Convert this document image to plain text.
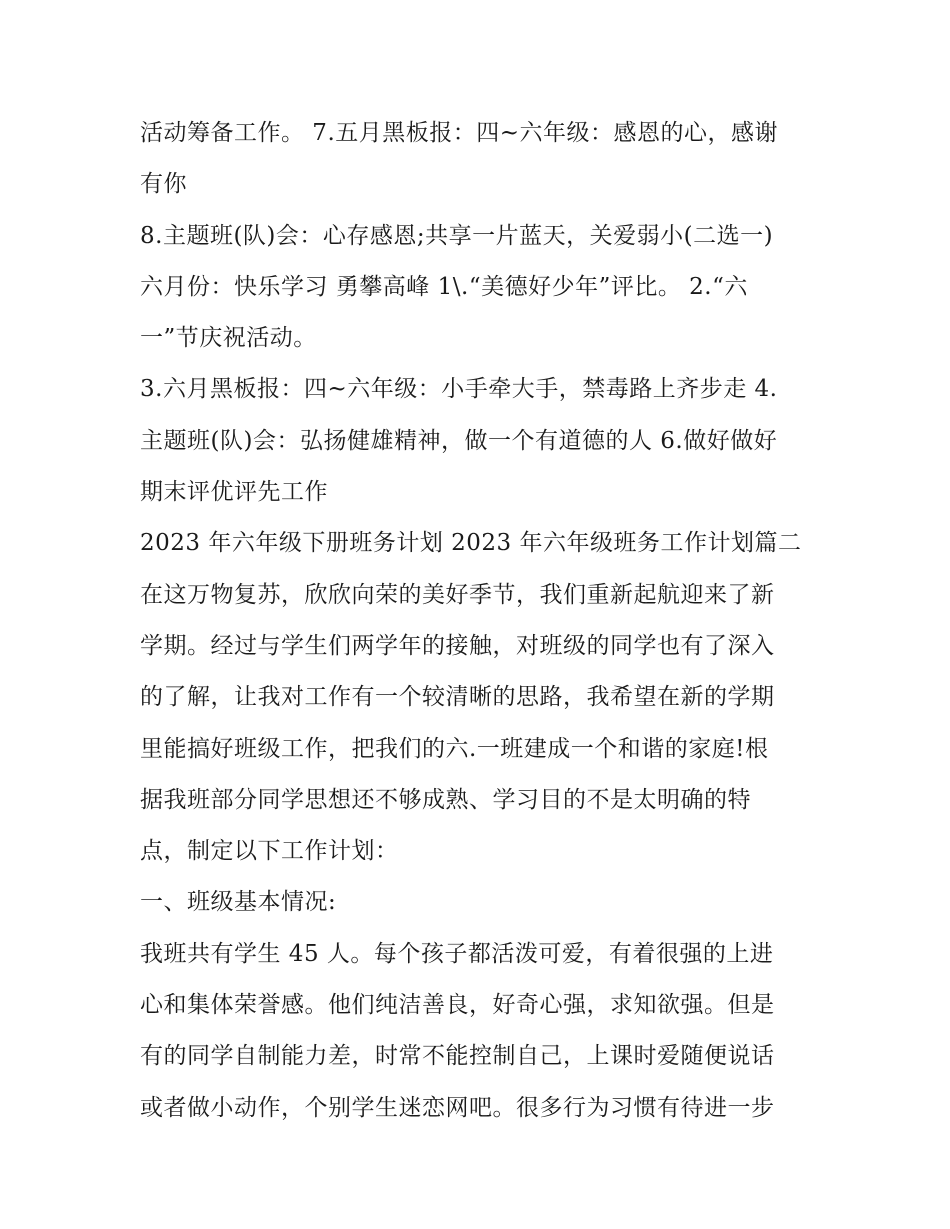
活动筹备工作。 7.五月黑板报：四~六年级：感恩的心，感谢
有你
8.主题班(队)会：心存感恩;共享一片蓝天，关爱弱小(二选一)
六月份：快乐学习 勇攀高峰 1\.“美德好少年”评比。 2.“六
一”节庆祝活动。
3.六月黑板报：四~六年级：小手牵大手，禁毒路上齐步走 4.
主题班(队)会：弘扬健雄精神，做一个有道德的人 6.做好做好
期末评优评先工作
2023 年六年级下册班务计划 2023 年六年级班务工作计划篇二
在这万物复苏，欣欣向荣的美好季节，我们重新起航迎来了新
学期。经过与学生们两学年的接触，对班级的同学也有了深入
的了解，让我对工作有一个较清晰的思路，我希望在新的学期
里能搞好班级工作，把我们的六.一班建成一个和谐的家庭!根
据我班部分同学思想还不够成熟、学习目的不是太明确的特
点，制定以下工作计划：
一、班级基本情况:
我班共有学生 45 人。每个孩子都活泼可爱，有着很强的上进
心和集体荣誉感。他们纯洁善良，好奇心强，求知欲强。但是
有的同学自制能力差，时常不能控制自己，上课时爱随便说话
或者做小动作，个别学生迷恋网吧。很多行为习惯有待进一步
